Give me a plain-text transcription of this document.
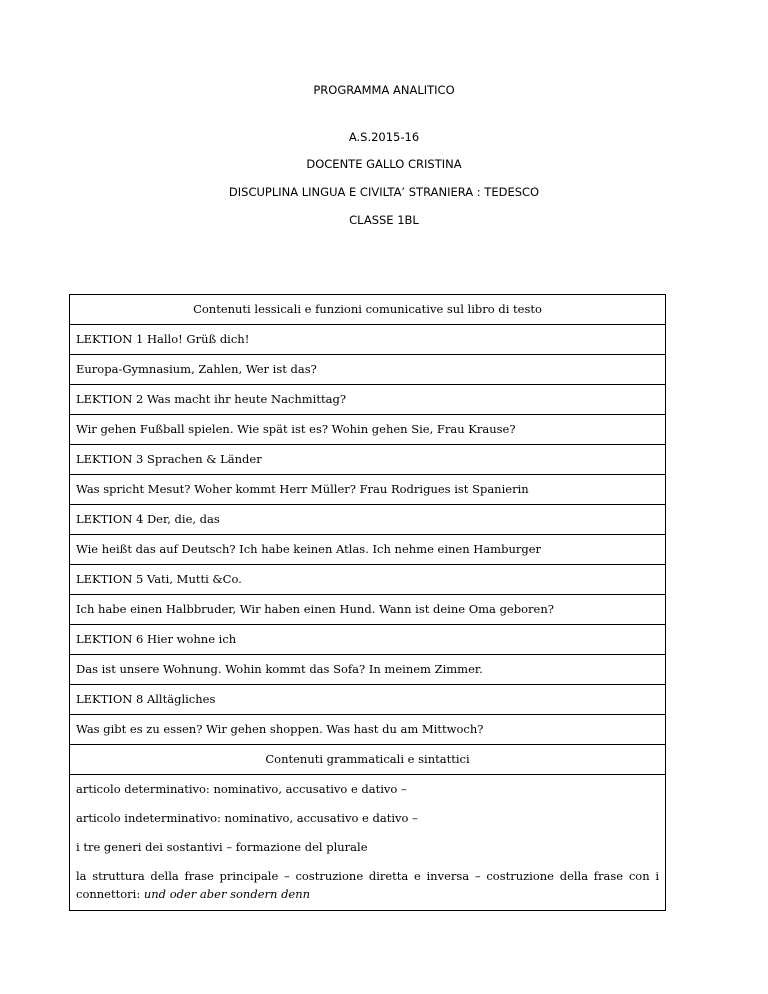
PROGRAMMA ANALITICO
A.S.2015-16
DOCENTE GALLO CRISTINA
DISCUPLINA LINGUA E CIVILTA’ STRANIERA : TEDESCO
CLASSE 1BL
Contenuti lessicali e funzioni comunicative sul libro di testo
LEKTION 1 Hallo! Grüß dich!
Europa-Gymnasium, Zahlen, Wer ist das?
LEKTION 2 Was macht ihr heute Nachmittag?
Wir gehen Fußball spielen. Wie spät ist es? Wohin gehen Sie, Frau Krause?
LEKTION 3 Sprachen & Länder
Was spricht Mesut? Woher kommt Herr Müller? Frau Rodrigues ist Spanierin
LEKTION 4 Der, die, das
Wie heißt das auf Deutsch? Ich habe keinen Atlas. Ich nehme einen Hamburger
LEKTION 5 Vati, Mutti &Co.
Ich habe einen Halbbruder, Wir haben einen Hund. Wann ist deine Oma geboren?
LEKTION 6 Hier wohne ich
Das ist unsere Wohnung. Wohin kommt das Sofa? In meinem Zimmer.
LEKTION 8 Alltägliches
Was gibt es zu essen? Wir gehen shoppen. Was hast du am Mittwoch?
Contenuti grammaticali e sintattici

articolo determinativo: nominativo, accusativo e dativo –
articolo indeterminativo: nominativo, accusativo e dativo –
i tre generi dei sostantivi – formazione del plurale
la struttura della frase principale – costruzione diretta e inversa – costruzione della frase con i connettori: und oder aber sondern denn
